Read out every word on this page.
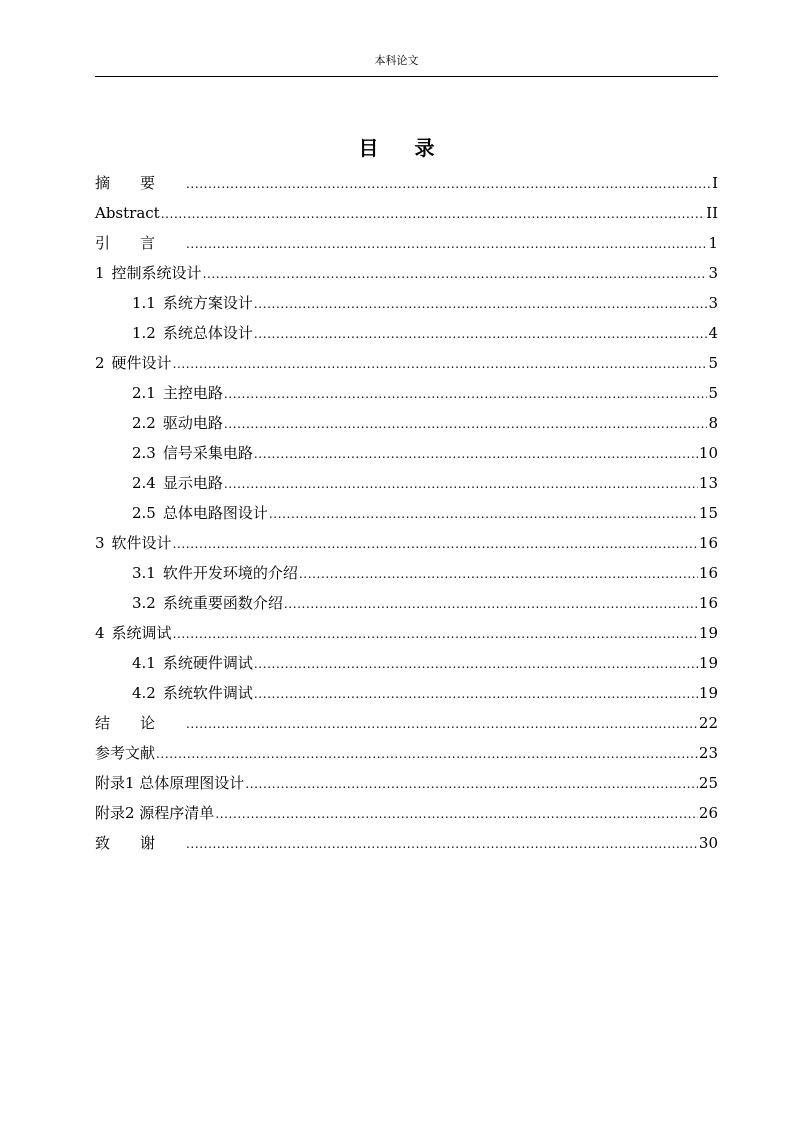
本科论文
目录
摘要 .....	I
Abstract .....	II
引言 .....	1
1 控制系统设计 .....	3
1.1 系统方案设计 .....	3
1.2 系统总体设计 .....	4
2 硬件设计 .....	5
2.1 主控电路 .....	5
2.2 驱动电路 .....	8
2.3 信号采集电路 .....	10
2.4 显示电路 .....	13
2.5 总体电路图设计 .....	15
3 软件设计 .....	16
3.1 软件开发环境的介绍 .....	16
3.2 系统重要函数介绍 .....	16
4 系统调试 .....	19
4.1 系统硬件调试 .....	19
4.2 系统软件调试 .....	19
结论 .....	22
参考文献 .....	23
附录1 总体原理图设计 .....	25
附录2 源程序清单 .....	26
致谢 .....	30
